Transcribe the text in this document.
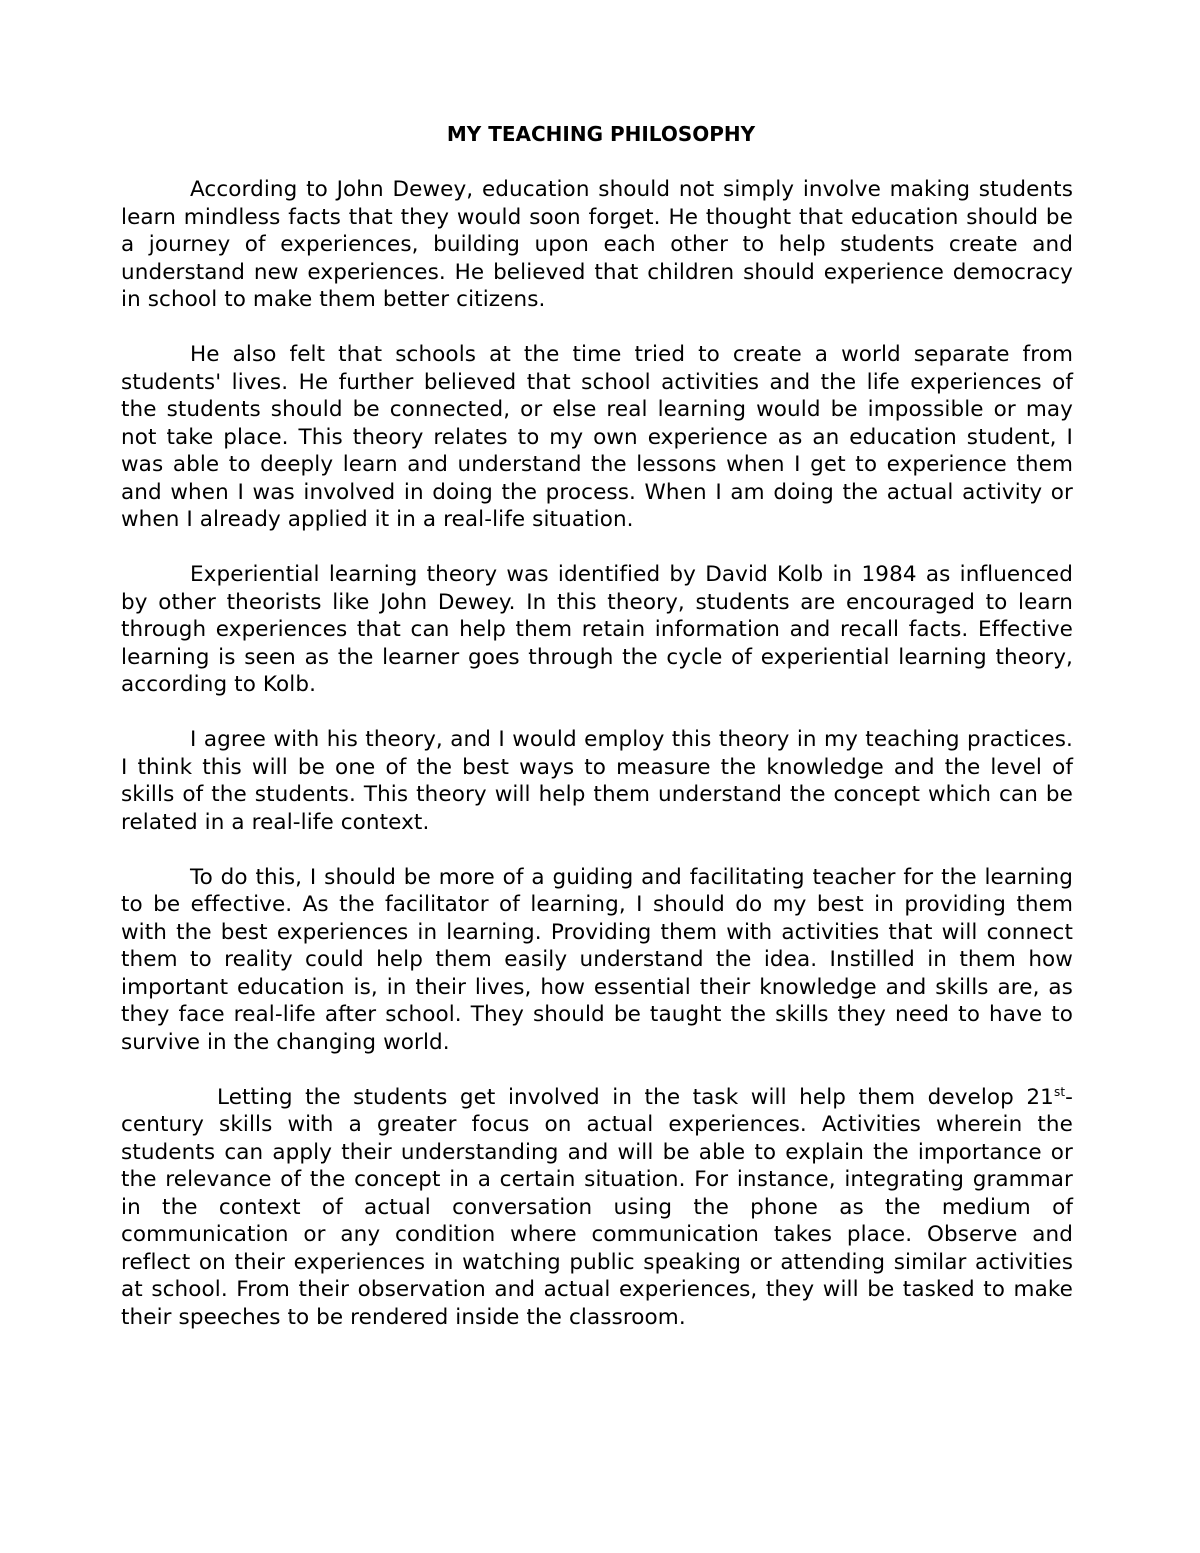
MY TEACHING PHILOSOPHY

According to John Dewey, education should not simply involve making students learn mindless facts that they would soon forget. He thought that education should be a journey of experiences, building upon each other to help students create and understand new experiences. He believed that children should experience democracy in school to make them better citizens.

He also felt that schools at the time tried to create a world separate from students' lives. He further believed that school activities and the life experiences of the students should be connected, or else real learning would be impossible or may not take place. This theory relates to my own experience as an education student, I was able to deeply learn and understand the lessons when I get to experience them and when I was involved in doing the process. When I am doing the actual activity or when I already applied it in a real-life situation.

Experiential learning theory was identified by David Kolb in 1984 as influenced by other theorists like John Dewey. In this theory, students are encouraged to learn through experiences that can help them retain information and recall facts. Effective learning is seen as the learner goes through the cycle of experiential learning theory, according to Kolb.

I agree with his theory, and I would employ this theory in my teaching practices. I think this will be one of the best ways to measure the knowledge and the level of skills of the students. This theory will help them understand the concept which can be related in a real-life context.

To do this, I should be more of a guiding and facilitating teacher for the learning to be effective. As the facilitator of learning, I should do my best in providing them with the best experiences in learning. Providing them with activities that will connect them to reality could help them easily understand the idea. Instilled in them how important education is, in their lives, how essential their knowledge and skills are, as they face real-life after school. They should be taught the skills they need to have to survive in the changing world.

Letting the students get involved in the task will help them develop 21st-century skills with a greater focus on actual experiences. Activities wherein the students can apply their understanding and will be able to explain the importance or the relevance of the concept in a certain situation. For instance, integrating grammar in the context of actual conversation using the phone as the medium of communication or any condition where communication takes place. Observe and reflect on their experiences in watching public speaking or attending similar activities at school. From their observation and actual experiences, they will be tasked to make their speeches to be rendered inside the classroom.
